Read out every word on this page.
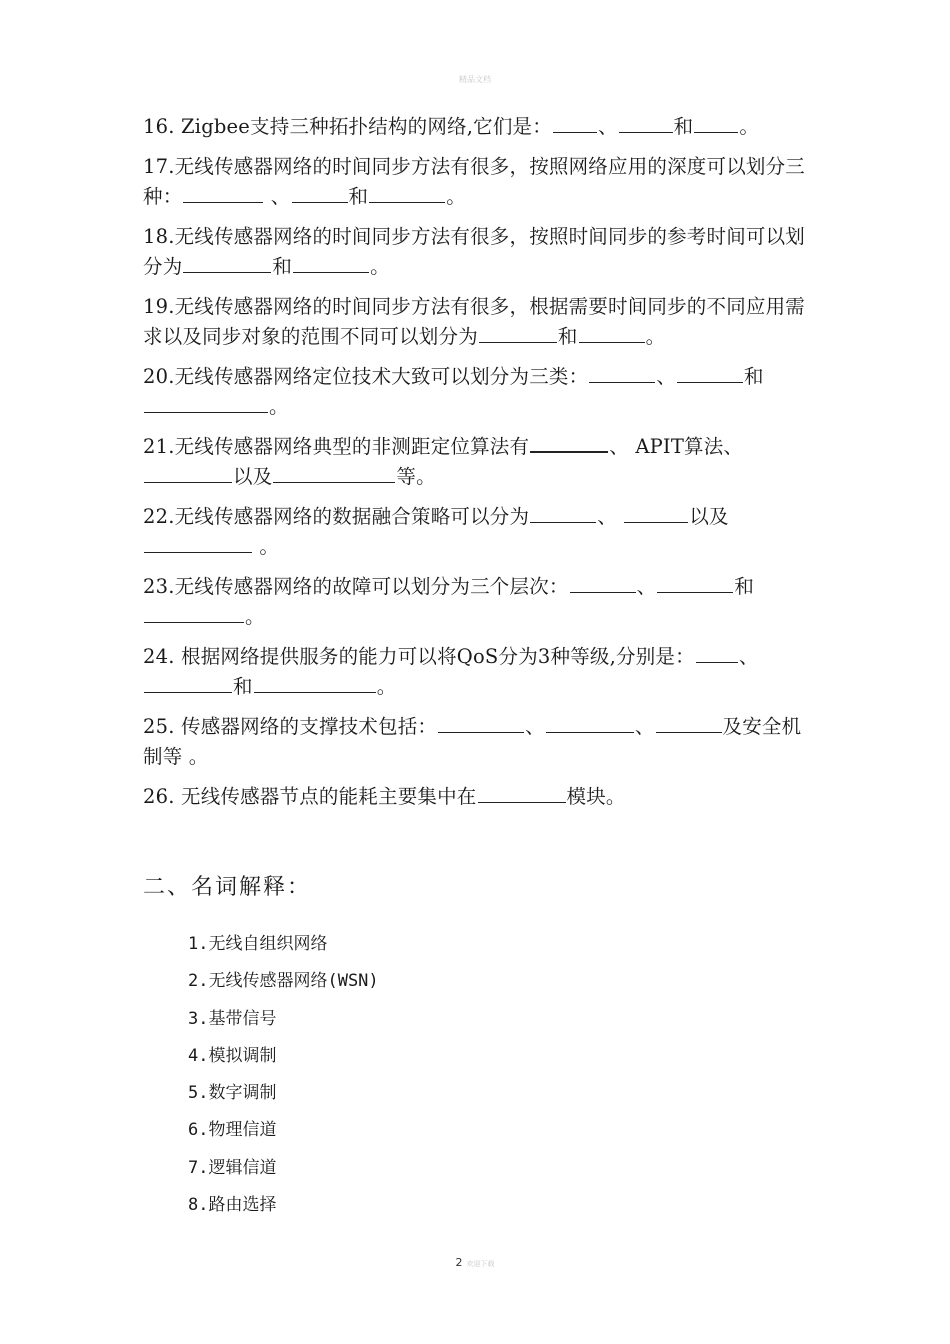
精品文档

16. Zigbee支持三种拓扑结构的网络,它们是： 、	和 。

17.无线传感器网络的时间同步方法有很多，按照网络应用的深度可以划分三种：	、	和	。

18.无线传感器网络的时间同步方法有很多，按照时间同步的参考时间可以划分为	和	。

19.无线传感器网络的时间同步方法有很多，根据需要时间同步的不同应用需求以及同步对象的范围不同可以划分为	和	。

20.无线传感器网络定位技术大致可以划分为三类：	、	和
。

21.无线传感器网络典型的非测距定位算法有	、 APIT算法、
以及	等。

22.无线传感器网络的数据融合策略可以分为	、	以及 。

23.无线传感器网络的故障可以划分为三个层次：	、	和
。

24. 根据网络提供服务的能力可以将QoS分为3种等级,分别是： 、
和	。

25. 传感器网络的支撑技术包括：	、	、	及安全机制等 。

26. 无线传感器节点的能耗主要集中在	模块。

二、名词解释：
1.无线自组织网络
2.无线传感器网络(WSN)
3.基带信号
4.模拟调制
5.数字调制
6.物理信道
7.逻辑信道
8.路由选择
2 欢迎下载
